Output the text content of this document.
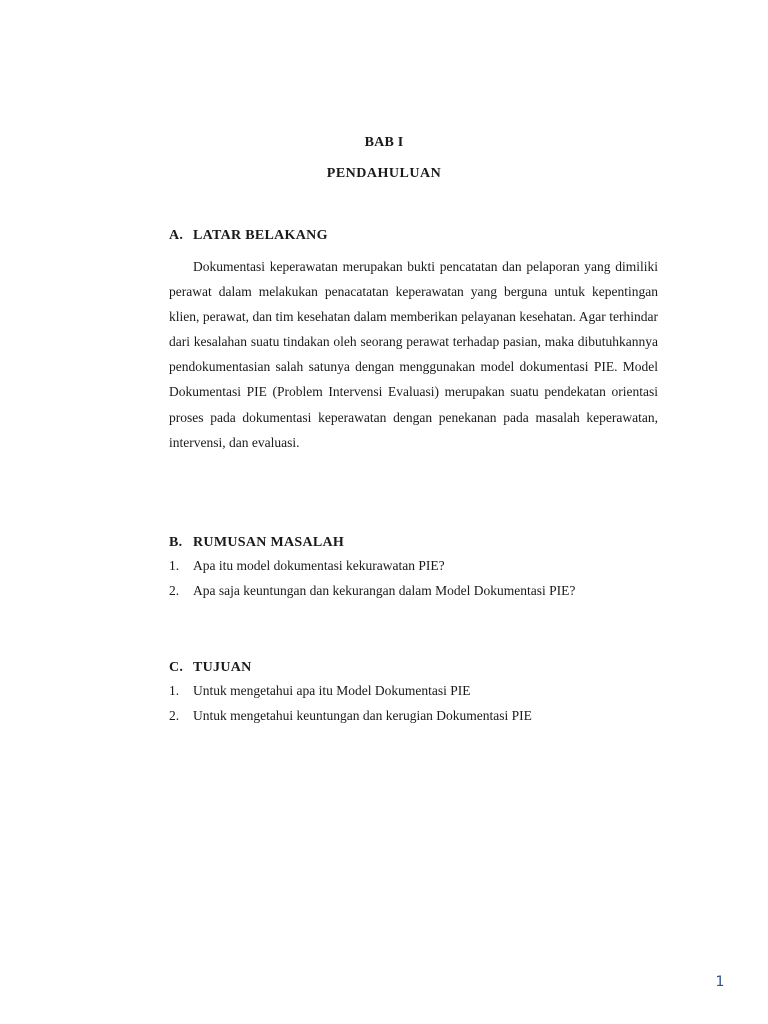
BAB I
PENDAHULUAN
A. LATAR BELAKANG
Dokumentasi keperawatan merupakan bukti pencatatan dan pelaporan yang dimiliki perawat dalam melakukan penacatatan keperawatan yang berguna untuk kepentingan klien, perawat, dan tim kesehatan dalam memberikan pelayanan kesehatan. Agar terhindar dari kesalahan suatu tindakan oleh seorang perawat terhadap pasian, maka dibutuhkannya pendokumentasian salah satunya dengan menggunakan model dokumentasi PIE. Model Dokumentasi PIE (Problem Intervensi Evaluasi) merupakan suatu pendekatan orientasi proses pada dokumentasi keperawatan dengan penekanan pada masalah keperawatan, intervensi, dan evaluasi.
B. RUMUSAN MASALAH
1.	Apa itu model dokumentasi kekurawatan PIE?
2.	Apa saja keuntungan dan kekurangan dalam Model Dokumentasi PIE?
C. TUJUAN
1.	Untuk mengetahui apa itu Model Dokumentasi PIE
2.	Untuk mengetahui keuntungan dan kerugian Dokumentasi PIE
1
